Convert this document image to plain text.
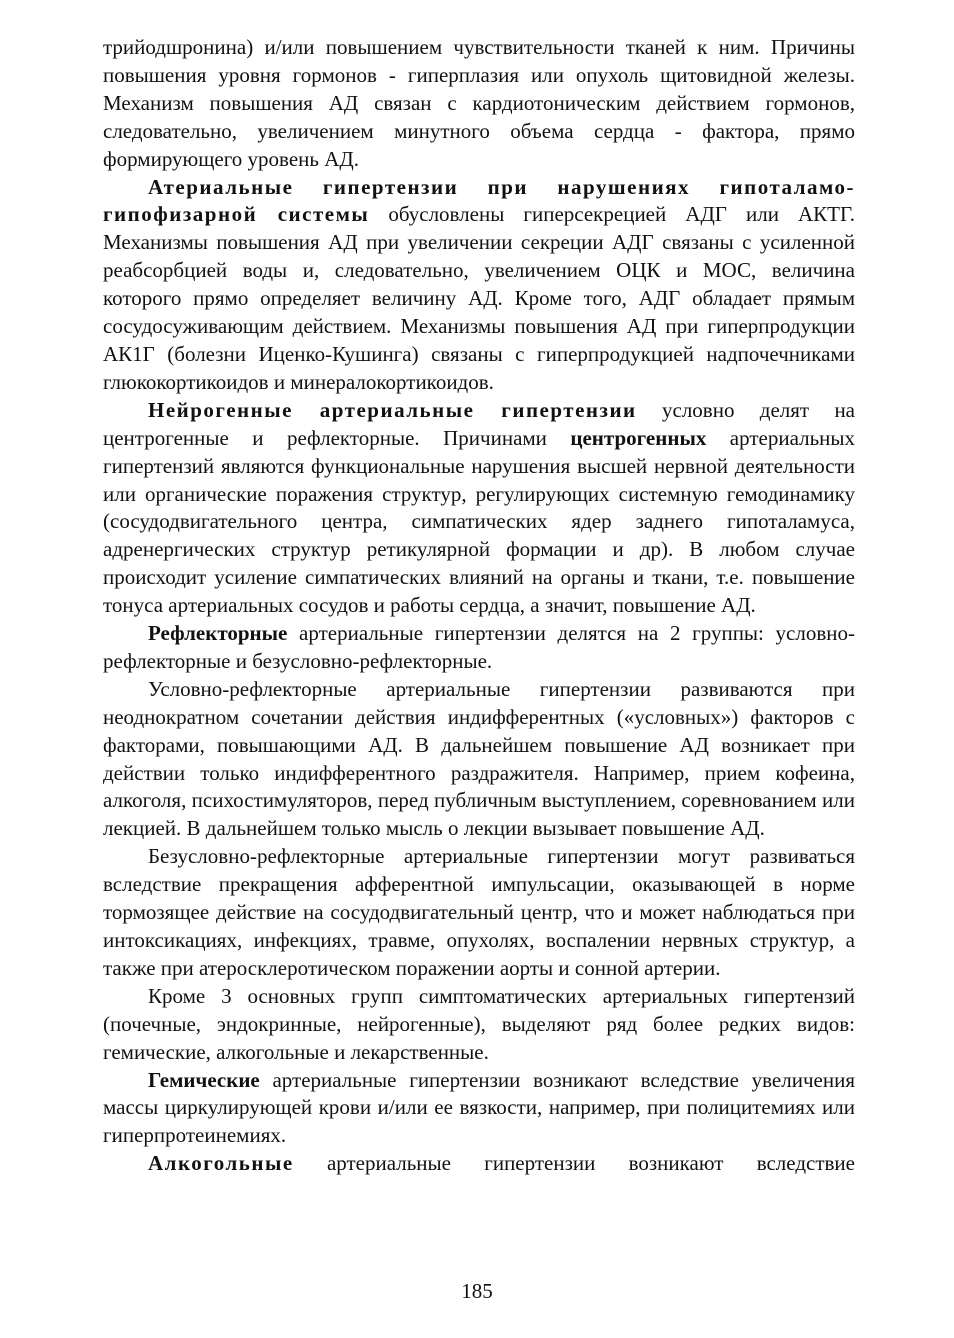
трийодшронина) и/или повышением чувствительности тканей к ним. Причины повышения уровня гормонов - гиперплазия или опухоль щитовидной железы. Механизм повышения АД связан с кардиотоническим действием гормонов, следовательно, увеличением минутного объема сердца - фактора, прямо формирующего уровень АД.

Атериальные гипертензии при нарушениях гипоталамо-гипофизарной системы обусловлены гиперсекрецией АДГ или АКТГ. Механизмы повышения АД при увеличении секреции АДГ связаны с усиленной реабсорбцией воды и, следовательно, увеличением ОЦК и МОС, величина которого прямо определяет величину АД. Кроме того, АДГ обладает прямым сосудосуживающим действием. Механизмы повышения АД при гиперпродукции АК1Г (болезни Иценко-Кушинга) связаны с гиперпродукцией надпочечниками глюкокортикоидов и минералокортикоидов.

Нейрогенные артериальные гипертензии условно делят на центрогенные и рефлекторные. Причинами центрогенных артериальных гипертензий являются функциональные нарушения высшей нервной деятельности или органические поражения структур, регулирующих системную гемодинамику (сосудодвигательного центра, симпатических ядер заднего гипоталамуса, адренергических структур ретикулярной формации и др). В любом случае происходит усиление симпатических влияний на органы и ткани, т.е. повышение тонуса артериальных сосудов и работы сердца, а значит, повышение АД.

Рефлекторные артериальные гипертензии делятся на 2 группы: условно-рефлекторные и безусловно-рефлекторные.

Условно-рефлекторные артериальные гипертензии развиваются при неоднократном сочетании действия индифферентных («условных») факторов с факторами, повышающими АД. В дальнейшем повышение АД возникает при действии только индифферентного раздражителя. Например, прием кофеина, алкоголя, психостимуляторов, перед публичным выступлением, соревнованием или лекцией. В дальнейшем только мысль о лекции вызывает повышение АД.

Безусловно-рефлекторные артериальные гипертензии могут развиваться вследствие прекращения афферентной импульсации, оказывающей в норме тормозящее действие на сосудодвигательный центр, что и может наблюдаться при интоксикациях, инфекциях, травме, опухолях, воспалении нервных структур, а также при атеросклеротическом поражении аорты и сонной артерии.

Кроме 3 основных групп симптоматических артериальных гипертензий (почечные, эндокринные, нейрогенные), выделяют ряд более редких видов: гемические, алкогольные и лекарственные.

Гемические артериальные гипертензии возникают вследствие увеличения массы циркулирующей крови и/или ее вязкости, например, при полицитемиях или гиперпротеинемиях.

Алкогольные артериальные гипертензии возникают вследствие

185
